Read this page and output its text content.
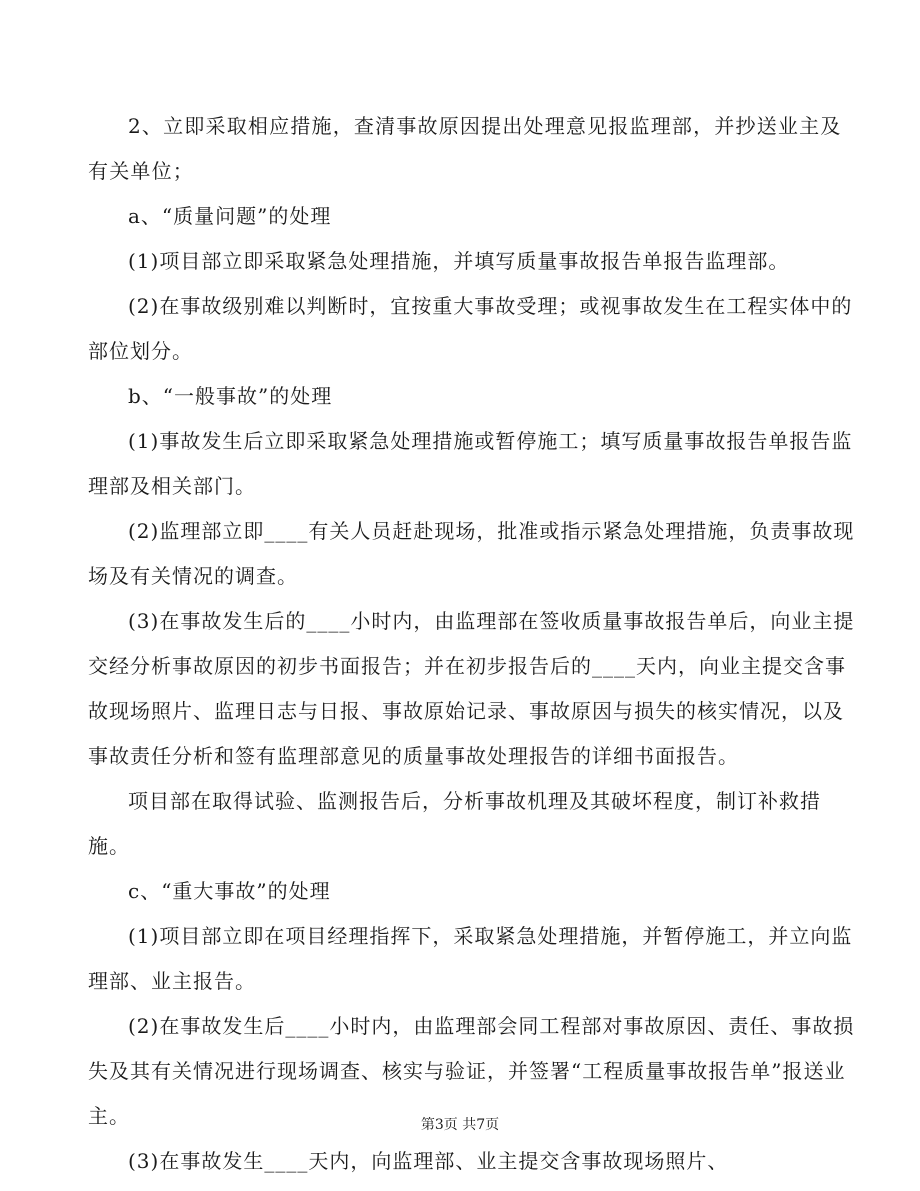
2、立即采取相应措施，查清事故原因提出处理意见报监理部，并抄送业主及有关单位；

a、“质量问题”的处理

(1)项目部立即采取紧急处理措施，并填写质量事故报告单报告监理部。

(2)在事故级别难以判断时，宜按重大事故受理；或视事故发生在工程实体中的部位划分。

b、“一般事故”的处理

(1)事故发生后立即采取紧急处理措施或暂停施工；填写质量事故报告单报告监理部及相关部门。

(2)监理部立即____有关人员赶赴现场，批准或指示紧急处理措施，负责事故现场及有关情况的调查。

(3)在事故发生后的____小时内，由监理部在签收质量事故报告单后，向业主提交经分析事故原因的初步书面报告；并在初步报告后的____天内，向业主提交含事故现场照片、监理日志与日报、事故原始记录、事故原因与损失的核实情况，以及事故责任分析和签有监理部意见的质量事故处理报告的详细书面报告。

项目部在取得试验、监测报告后，分析事故机理及其破坏程度，制订补救措施。

c、“重大事故”的处理

(1)项目部立即在项目经理指挥下，采取紧急处理措施，并暂停施工，并立向监理部、业主报告。

(2)在事故发生后____小时内，由监理部会同工程部对事故原因、责任、事故损失及其有关情况进行现场调查、核实与验证，并签署“工程质量事故报告单”报送业主。

(3)在事故发生____天内，向监理部、业主提交含事故现场照片、

第3页 共7页
